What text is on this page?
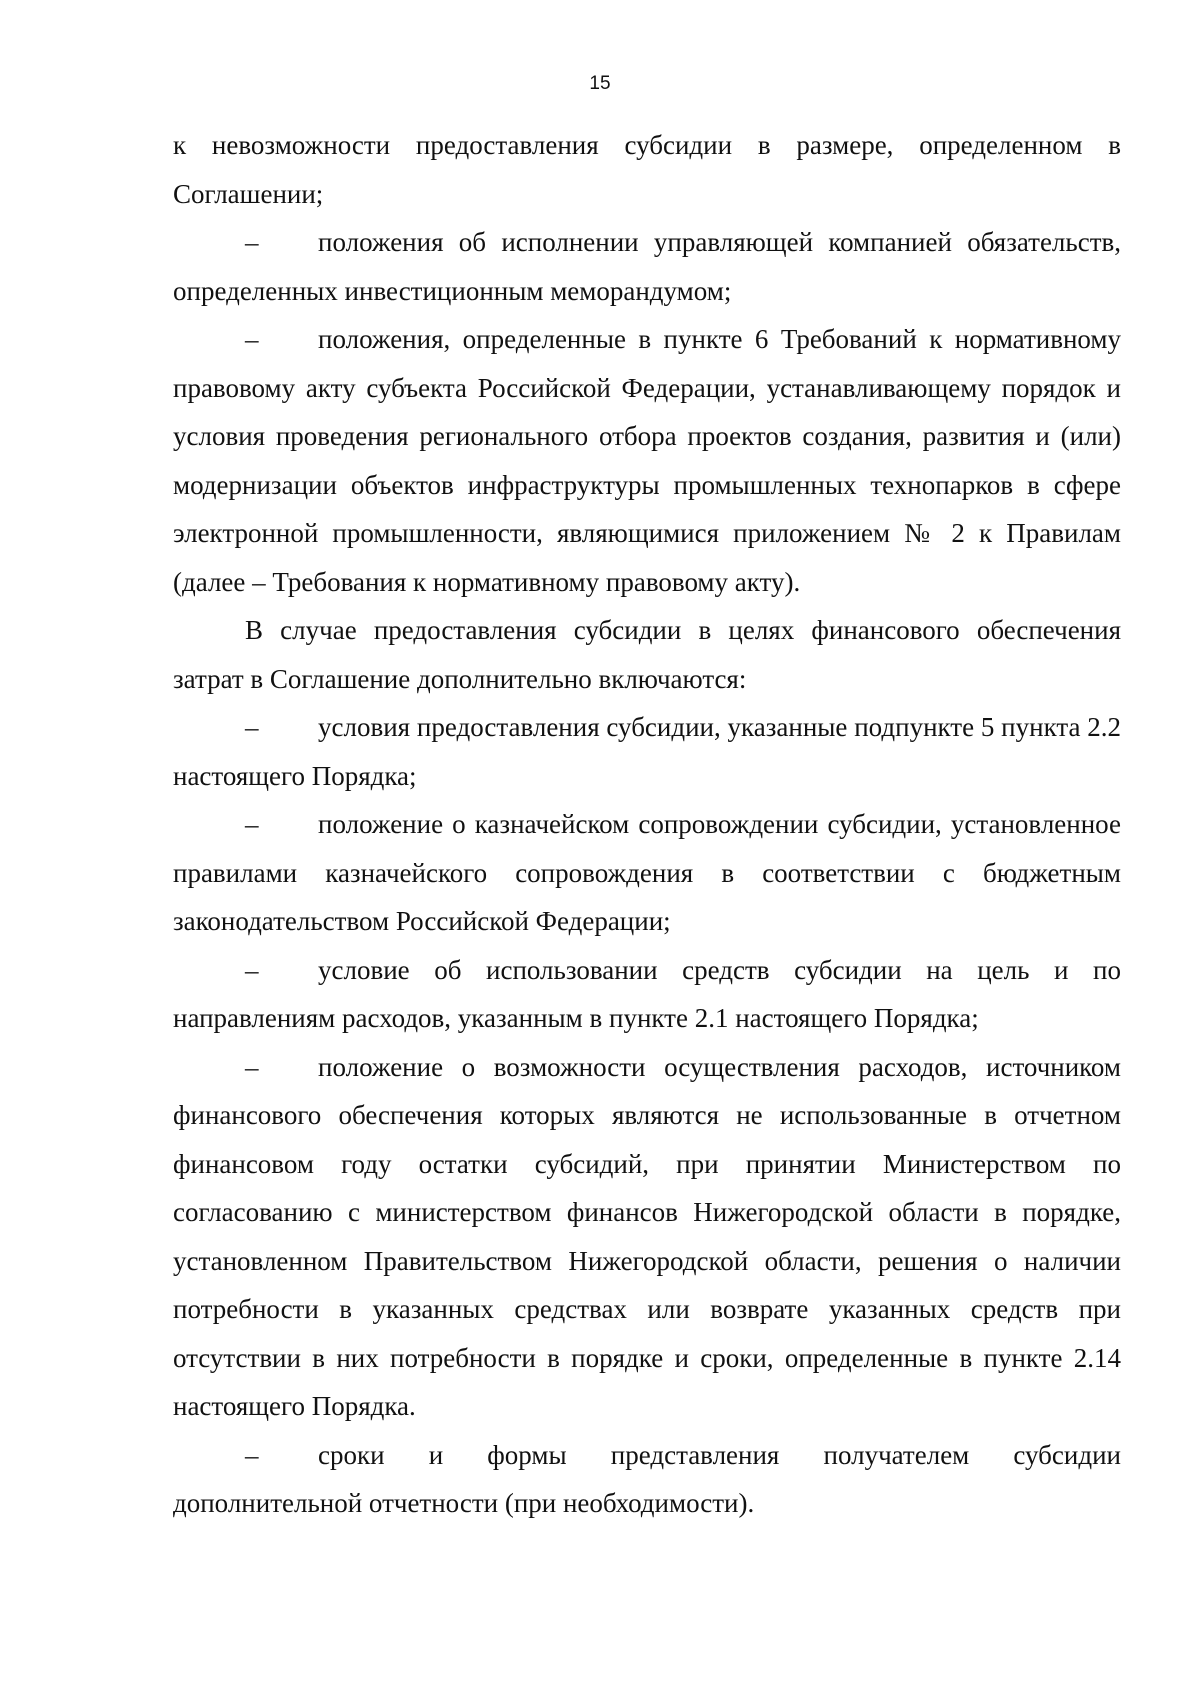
15

к невозможности предоставления субсидии в размере, определенном в Соглашении;

– положения об исполнении управляющей компанией обязательств, определенных инвестиционным меморандумом;

– положения, определенные в пункте 6 Требований к нормативному правовому акту субъекта Российской Федерации, устанавливающему порядок и условия проведения регионального отбора проектов создания, развития и (или) модернизации объектов инфраструктуры промышленных технопарков в сфере электронной промышленности, являющимися приложением № 2 к Правилам (далее – Требования к нормативному правовому акту).

В случае предоставления субсидии в целях финансового обеспечения затрат в Соглашение дополнительно включаются:

– условия предоставления субсидии, указанные подпункте 5 пункта 2.2 настоящего Порядка;

– положение о казначейском сопровождении субсидии, установленное правилами казначейского сопровождения в соответствии с бюджетным законодательством Российской Федерации;

– условие об использовании средств субсидии на цель и по направлениям расходов, указанным в пункте 2.1 настоящего Порядка;

– положение о возможности осуществления расходов, источником финансового обеспечения которых являются не использованные в отчетном финансовом году остатки субсидий, при принятии Министерством по согласованию с министерством финансов Нижегородской области в порядке, установленном Правительством Нижегородской области, решения о наличии потребности в указанных средствах или возврате указанных средств при отсутствии в них потребности в порядке и сроки, определенные в пункте 2.14 настоящего Порядка.

– сроки и формы представления получателем субсидии дополнительной отчетности (при необходимости).
